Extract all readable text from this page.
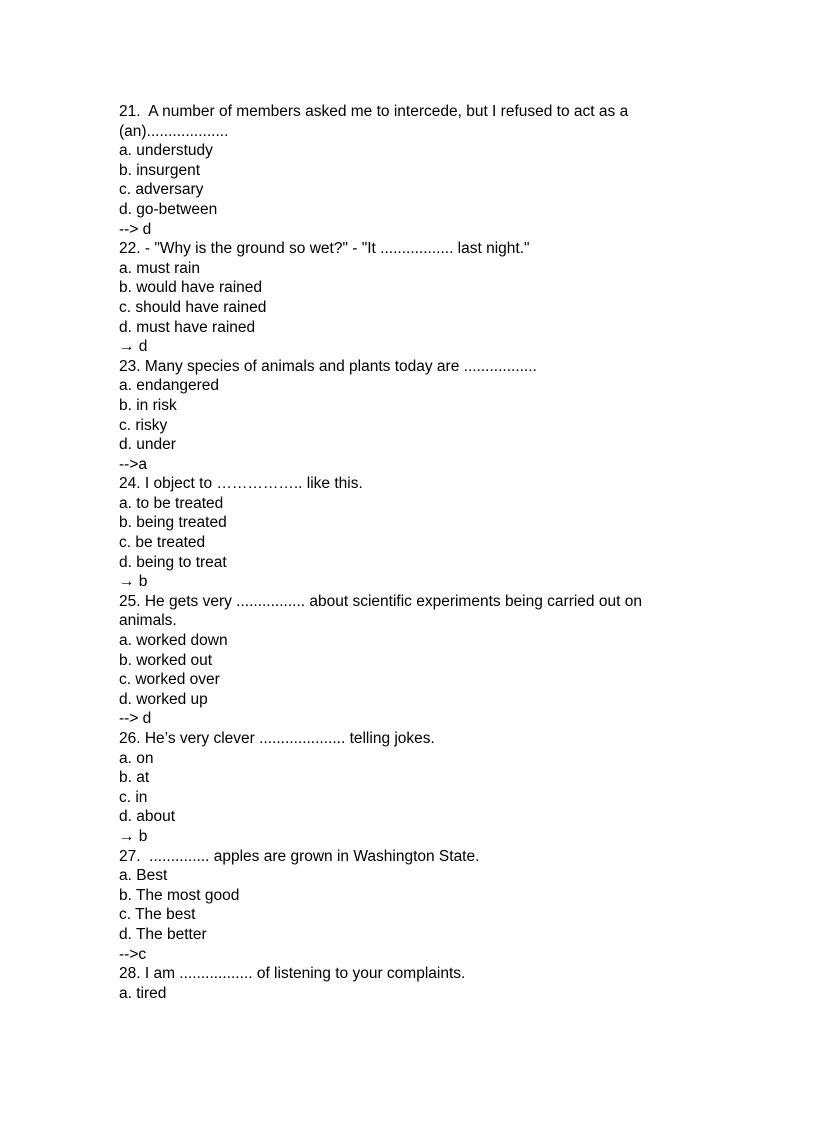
21.  A number of members asked me to intercede, but I refused to act as a (an)...................
a. understudy
b. insurgent
c. adversary
d. go-between
--> d
22. - "Why is the ground so wet?" - "It ................. last night."
a. must rain
b. would have rained
c. should have rained
d. must have rained
→ d
23. Many species of animals and plants today are .................
a. endangered
b. in risk
c. risky
d. under
-->a
24. I object to …………….. like this.
a. to be treated
b. being treated
c. be treated
d. being to treat
→ b
25. He gets very ................ about scientific experiments being carried out on animals.
a. worked down
b. worked out
c. worked over
d. worked up
--> d
26. He’s very clever .................... telling jokes.
a. on
b. at
c. in
d. about
→ b
27.  .............. apples are grown in Washington State.
a. Best
b. The most good
c. The best
d. The better
-->c
28. I am ................. of listening to your complaints.
a. tired
